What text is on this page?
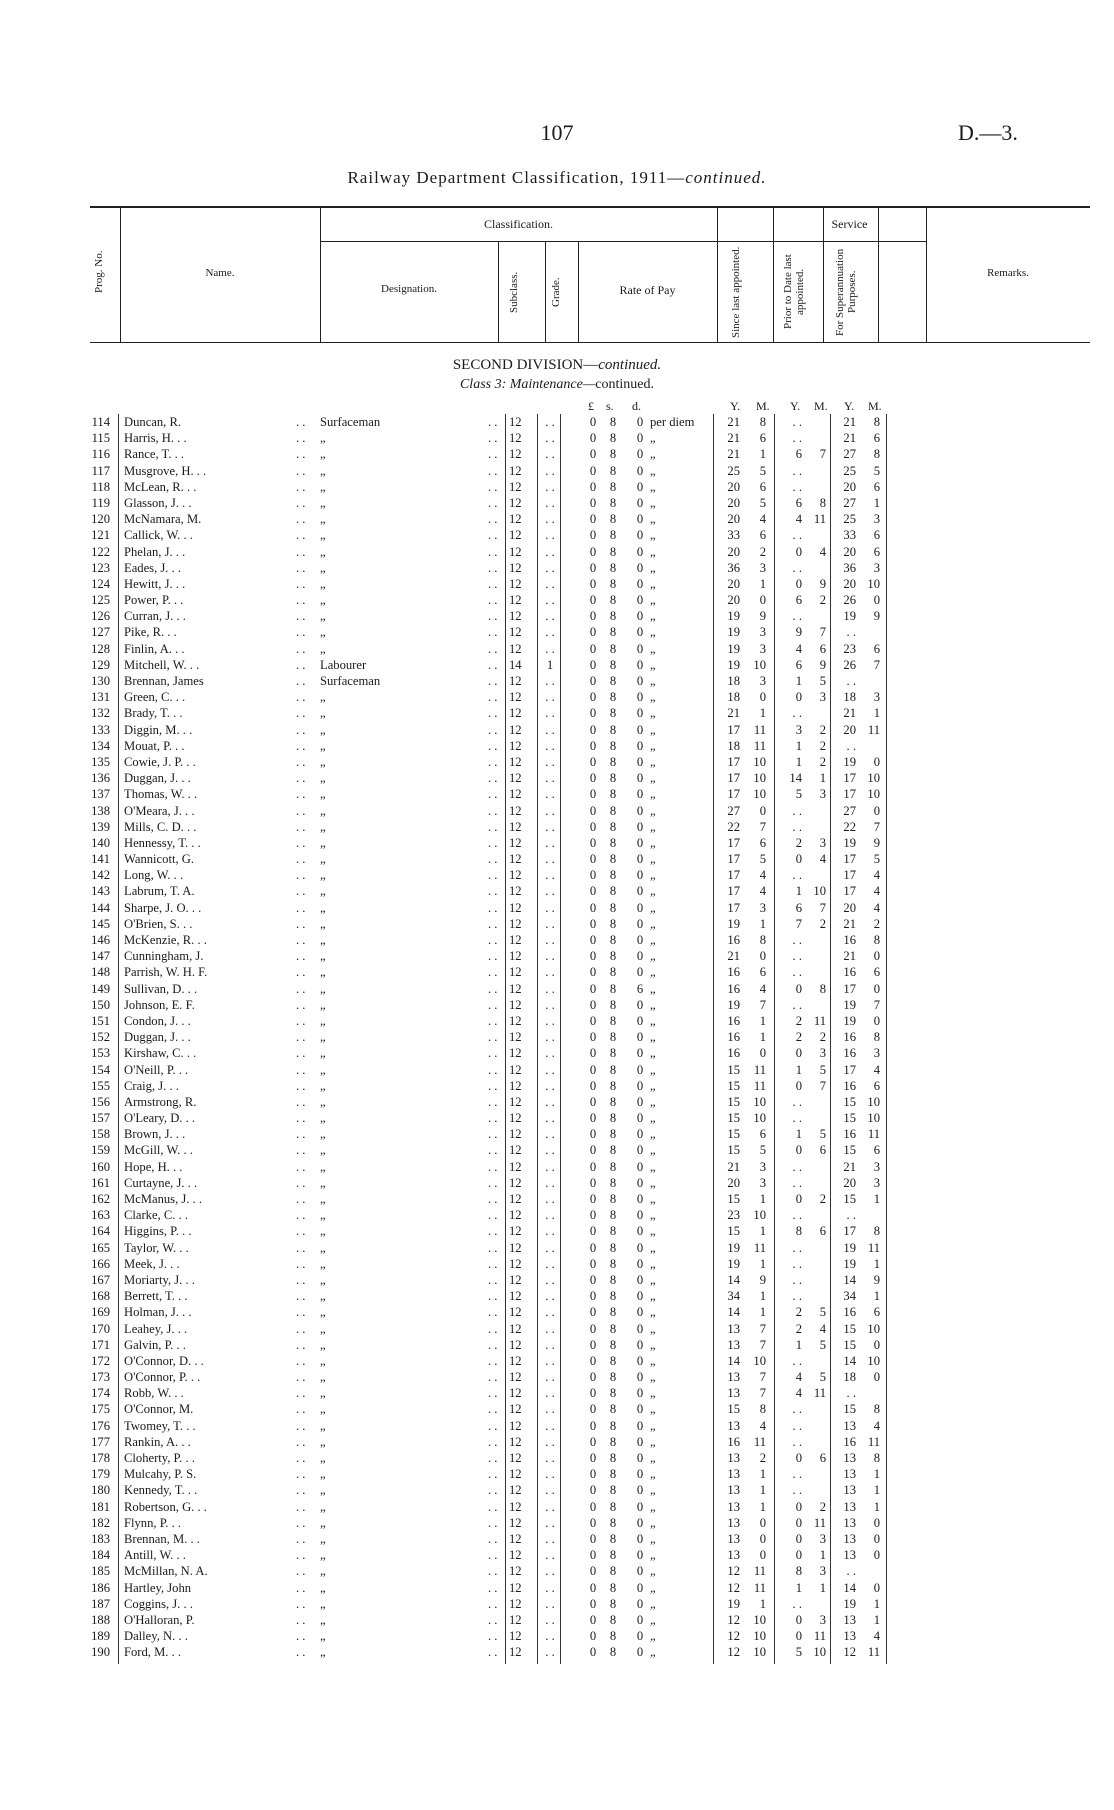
107	D.—3.
Railway Department Classification, 1911—continued.
Prog. No.	Name.
Classification.
Designation.	Subclass.	Grade.	Rate of Pay
Service
Since last appointed.	Prior to Date last appointed.	For Superannuation Purposes.	Remarks.
SECOND DIVISION—continued.
Class 3: Maintenance—continued.
£ s. d.	Y. M. Y. M. Y. M.
114 Duncan, R.	. . Surfaceman	. . 12	. .	0	8	0 per diem	21	8	. .	21	8
115 Harris, H. . .	. . „	. . 12	. .	0	8	0 „	21	6	. .	21	6
116 Rance, T. . .	. . „	. . 12	. .	0	8	0 „	21	1	6	7	27	8
117 Musgrove, H. . .	. . „	. . 12	. .	0	8	0 „	25	5	. .	25	5
118 McLean, R. . .	. . „	. . 12	. .	0	8	0 „	20	6	. .	20	6
119 Glasson, J. . .	. . „	. . 12	. .	0	8	0 „	20	5	6	8	27	1
120 McNamara, M.	. . „	. . 12	. .	0	8	0 „	20	4	4 11	25	3
121 Callick, W. . .	. . „	. . 12	. .	0	8	0 „	33	6	. .	33	6
122 Phelan, J. . .	. . „	. . 12	. .	0	8	0 „	20	2	0	4	20	6
123 Eades, J. . .	. . „	. . 12	. .	0	8	0 „	36	3	. .	36	3
124 Hewitt, J. . .	. . „	. . 12	. .	0	8	0 „	20	1	0	9	20 10
125 Power, P. . .	. . „	. . 12	. .	0	8	0 „	20	0	6	2	26	0
126 Curran, J. . .	. . „	. . 12	. .	0	8	0 „	19	9	. .	19	9
127 Pike, R. . .	. . „	. . 12	. .	0	8	0 „	19	3	9	7	. .
128 Finlin, A. . .	. . „	. . 12	. .	0	8	0 „	19	3	4	6	23	6
129 Mitchell, W. . .	. . Labourer	. . 14	1	0	8	0 „	19	10	6	9	26	7
130 Brennan, James	. . Surfaceman	. . 12	. .	0	8	0 „	18	3	1	5	. .
131 Green, C. . .	. . „	. . 12	. .	0	8	0 „	18	0	0	3	18	3
132 Brady, T. . .	. . „	. . 12	. .	0	8	0 „	21	1	. .	21	1
133 Diggin, M. . .	. . „	. . 12	. .	0	8	0 „	17	11	3	2	20 11
134 Mouat, P. . .	. . „	. . 12	. .	0	8	0 „	18	11	1	2	. .
135 Cowie, J. P. . .	. . „	. . 12	. .	0	8	0 „	17	10	1	2	19	0
136 Duggan, J. . .	. . „	. . 12	. .	0	8	0 „	17	10	14	1	17 10
137 Thomas, W. . .	. . „	. . 12	. .	0	8	0 „	17	10	5	3	17 10
138 O'Meara, J. . .	. . „	. . 12	. .	0	8	0 „	27	0	. .	27	0
139 Mills, C. D. . .	. . „	. . 12	. .	0	8	0 „	22	7	. .	22	7
140 Hennessy, T. . .	. . „	. . 12	. .	0	8	0 „	17	6	2	3	19	9
141 Wannicott, G.	. . „	. . 12	. .	0	8	0 „	17	5	0	4	17	5
142 Long, W. . .	. . „	. . 12	. .	0	8	0 „	17	4	. .	17	4
143 Labrum, T. A.	. . „	. . 12	. .	0	8	0 „	17	4	1 10	17	4
144 Sharpe, J. O. . .	. . „	. . 12	. .	0	8	0 „	17	3	6	7	20	4
145 O'Brien, S. . .	. . „	. . 12	. .	0	8	0 „	19	1	7	2	21	2
146 McKenzie, R. . .	. . „	. . 12	. .	0	8	0 „	16	8	. .	16	8
147 Cunningham, J.	. . „	. . 12	. .	0	8	0 „	21	0	. .	21	0
148 Parrish, W. H. F.	. . „	. . 12	. .	0	8	0 „	16	6	. .	16	6
149 Sullivan, D. . .	. . „	. . 12	. .	0	8	6 „	16	4	0	8	17	0
150 Johnson, E. F.	. . „	. . 12	. .	0	8	0 „	19	7	. .	19	7
151 Condon, J. . .	. . „	. . 12	. .	0	8	0 „	16	1	2 11	19	0
152 Duggan, J. . .	. . „	. . 12	. .	0	8	0 „	16	1	2	2	16	8
153 Kirshaw, C. . .	. . „	. . 12	. .	0	8	0 „	16	0	0	3	16	3
154 O'Neill, P. . .	. . „	. . 12	. .	0	8	0 „	15	11	1	5	17	4
155 Craig, J. . .	. . „	. . 12	. .	0	8	0 „	15	11	0	7	16	6
156 Armstrong, R.	. . „	. . 12	. .	0	8	0 „	15	10	. .	15 10
157 O'Leary, D. . .	. . „	. . 12	. .	0	8	0 „	15	10	. .	15 10
158 Brown, J. . .	. . „	. . 12	. .	0	8	0 „	15	6	1	5	16 11
159 McGill, W. . .	. . „	. . 12	. .	0	8	0 „	15	5	0	6	15	6
160 Hope, H. . .	. . „	. . 12	. .	0	8	0 „	21	3	. .	21	3
161 Curtayne, J. . .	. . „	. . 12	. .	0	8	0 „	20	3	. .	20	3
162 McManus, J. . .	. . „	. . 12	. .	0	8	0 „	15	1	0	2	15	1
163 Clarke, C. . .	. . „	. . 12	. .	0	8	0 „	23	10	. .	. .
164 Higgins, P. . .	. . „	. . 12	. .	0	8	0 „	15	1	8	6	17	8
165 Taylor, W. . .	. . „	. . 12	. .	0	8	0 „	19	11	. .	19 11
166 Meek, J. . .	. . „	. . 12	. .	0	8	0 „	19	1	. .	19	1
167 Moriarty, J. . .	. . „	. . 12	. .	0	8	0 „	14	9	. .	14	9
168 Berrett, T. . .	. . „	. . 12	. .	0	8	0 „	34	1	. .	34	1
169 Holman, J. . .	. . „	. . 12	. .	0	8	0 „	14	1	2	5	16	6
170 Leahey, J. . .	. . „	. . 12	. .	0	8	0 „	13	7	2	4	15 10
171 Galvin, P. . .	. . „	. . 12	. .	0	8	0 „	13	7	1	5	15	0
172 O'Connor, D. . .	. . „	. . 12	. .	0	8	0 „	14	10	. .	14 10
173 O'Connor, P. . .	. . „	. . 12	. .	0	8	0 „	13	7	4	5	18	0
174 Robb, W. . .	. . „	. . 12	. .	0	8	0 „	13	7	4 11	. .
175 O'Connor, M.	. . „	. . 12	. .	0	8	0 „	15	8	. .	15	8
176 Twomey, T. . .	. . „	. . 12	. .	0	8	0 „	13	4	. .	13	4
177 Rankin, A. . .	. . „	. . 12	. .	0	8	0 „	16	11	. .	16 11
178 Cloherty, P. . .	. . „	. . 12	. .	0	8	0 „	13	2	0	6	13	8
179 Mulcahy, P. S.	. . „	. . 12	. .	0	8	0 „	13	1	. .	13	1
180 Kennedy, T. . .	. . „	. . 12	. .	0	8	0 „	13	1	. .	13	1
181 Robertson, G. . .	. . „	. . 12	. .	0	8	0 „	13	1	0	2	13	1
182 Flynn, P. . .	. . „	. . 12	. .	0	8	0 „	13	0	0 11	13	0
183 Brennan, M. . .	. . „	. . 12	. .	0	8	0 „	13	0	0	3	13	0
184 Antill, W. . .	. . „	. . 12	. .	0	8	0 „	13	0	0	1	13	0
185 McMillan, N. A.	. . „	. . 12	. .	0	8	0 „	12	11	8	3	. .
186 Hartley, John	. . „	. . 12	. .	0	8	0 „	12	11	1	1	14	0
187 Coggins, J. . .	. . „	. . 12	. .	0	8	0 „	19	1	. .	19	1
188 O'Halloran, P.	. . „	. . 12	. .	0	8	0 „	12	10	0	3	13	1
189 Dalley, N. . .	. . „	. . 12	. .	0	8	0 „	12	10	0 11	13	4
190 Ford, M. . .	. . „	. . 12	. .	0	8	0 „	12	10	5 10	12 11
